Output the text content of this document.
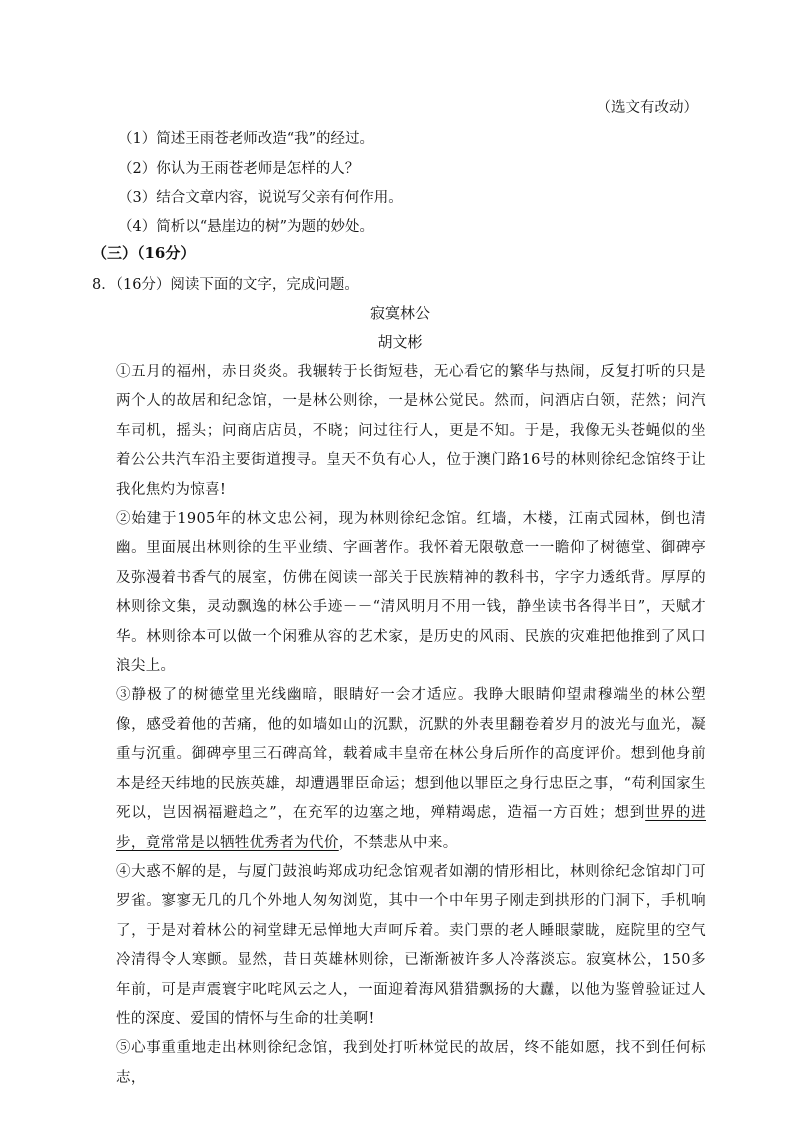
（选文有改动）
（1）简述王雨苍老师改造“我”的经过。
（2）你认为王雨苍老师是怎样的人？
（3）结合文章内容，说说写父亲有何作用。
（4）简析以“悬崖边的树”为题的妙处。
（三）（16分）
8．（16分）阅读下面的文字，完成问题。
寂寞林公
胡文彬

①五月的福州，赤日炎炎。我辗转于长街短巷，无心看它的繁华与热闹，反复打听的只是两个人的故居和纪念馆，一是林公则徐，一是林公觉民。然而，问酒店白领，茫然；问汽车司机，摇头；问商店店员，不晓；问过往行人，更是不知。于是，我像无头苍蝇似的坐着公公共汽车沿主要街道搜寻。皇天不负有心人，位于澳门路16号的林则徐纪念馆终于让我化焦灼为惊喜!

②始建于1905年的林文忠公祠，现为林则徐纪念馆。红墙，木楼，江南式园林，倒也清幽。里面展出林则徐的生平业绩、字画著作。我怀着无限敬意一一瞻仰了树德堂、御碑亭及弥漫着书香气的展室，仿佛在阅读一部关于民族精神的教科书，字字力透纸背。厚厚的林则徐文集，灵动飘逸的林公手迹－－“清风明月不用一钱，静坐读书各得半日”，天赋才华。林则徐本可以做一个闲雅从容的艺术家，是历史的风雨、民族的灾难把他推到了风口浪尖上。

③静极了的树德堂里光线幽暗，眼睛好一会才适应。我睁大眼睛仰望肃穆端坐的林公塑像，感受着他的苦痛，他的如墙如山的沉默，沉默的外表里翻卷着岁月的波光与血光，凝重与沉重。御碑亭里三石碑高耸，载着咸丰皇帝在林公身后所作的高度评价。想到他身前本是经天纬地的民族英雄，却遭遇罪臣命运；想到他以罪臣之身行忠臣之事，“苟利国家生死以，岂因祸福避趋之”，在充军的边塞之地，殚精竭虑，造福一方百姓；想到世界的进步，竟常常是以牺牲优秀者为代价，不禁悲从中来。

④大惑不解的是，与厦门鼓浪屿郑成功纪念馆观者如潮的情形相比，林则徐纪念馆却门可罗雀。寥寥无几的几个外地人匆匆浏览，其中一个中年男子刚走到拱形的门洞下，手机响了，于是对着林公的祠堂肆无忌惮地大声呵斥着。卖门票的老人睡眼蒙眬，庭院里的空气冷清得令人寒颤。显然，昔日英雄林则徐，已渐渐被许多人冷落淡忘。寂寞林公，150多年前，可是声震寰宇叱咤风云之人，一面迎着海风猎猎飘扬的大纛，以他为鉴曾验证过人性的深度、爱国的情怀与生命的壮美啊!

⑤心事重重地走出林则徐纪念馆，我到处打听林觉民的故居，终不能如愿，找不到任何标志，
